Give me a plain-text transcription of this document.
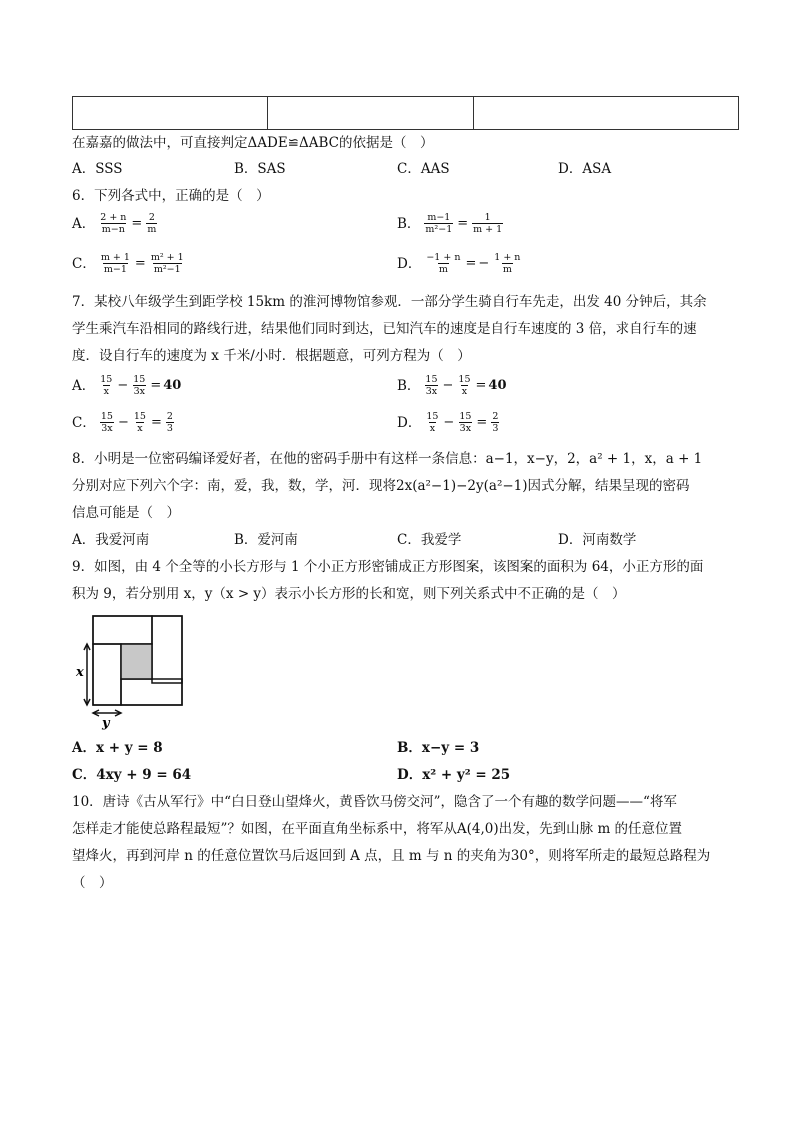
在嘉嘉的做法中，可直接判定ΔADE≌ΔABC的依据是（　）
A．SSS	B．SAS	C．AAS	D．ASA
6．下列各式中，正确的是（　）
A． $\frac{2 + n}{m-n} = \frac{2}{m}$	B． $\frac{m-1}{\text{m²−1}} = \frac{1}{m + 1}$
C． $\frac{m + 1}{m-1} = \frac{\text{m² + 1}}{\text{m²−1}}$	D． $\frac{-1 + n}{m}$ = − $\frac{1 + n}{m}$
7．某校八年级学生到距学校 15km 的淮河博物馆参观．一部分学生骑自行车先走，出发 40 分钟后，其余
学生乘汽车沿相同的路线行进，结果他们同时到达，已知汽车的速度是自行车速度的 3 倍，求自行车的速
度．设自行车的速度为 x 千米/小时．根据题意，可列方程为（　）
A． $\frac{15}{x} - \frac{15}{3x} = 40$	B． $\frac{15}{3x} - \frac{15}{x} = 40$
C． $\frac{15}{3x} - \frac{15}{x} = \frac{2}{3}$	D． $\frac{15}{x} - \frac{15}{3x} = \frac{2}{3}$
8．小明是一位密码编译爱好者，在他的密码手册中有这样一条信息：a−1，x−y，2，a² + 1，x，a + 1
分别对应下列六个字：南，爱，我，数，学，河．现将2x(a²−1)−2y(a²−1)因式分解，结果呈现的密码
信息可能是（　）
A．我爱河南	B．爱河南	C．我爱学	D．河南数学
9．如图，由 4 个全等的小长方形与 1 个小正方形密铺成正方形图案，该图案的面积为 64，小正方形的面
积为 9，若分别用 x，y（x > y）表示小长方形的长和宽，则下列关系式中不正确的是（　）
x
y
A．x + y = 8	B．x−y = 3
C．4xy + 9 = 64	D．x² + y² = 25
10．唐诗《古从军行》中“白日登山望烽火，黄昏饮马傍交河”，隐含了一个有趣的数学问题——“将军
怎样走才能使总路程最短”？如图，在平面直角坐标系中，将军从A(4,0)出发，先到山脉 m 的任意位置
望烽火，再到河岸 n 的任意位置饮马后返回到 A 点，且 m 与 n 的夹角为30°，则将军所走的最短总路程为
（　）
